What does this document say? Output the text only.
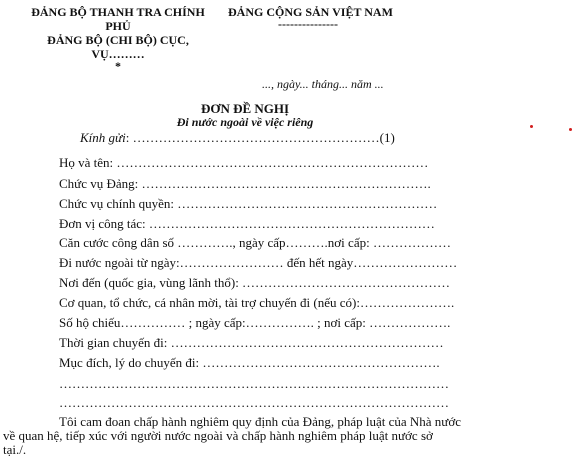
ĐẢNG BỘ THANH TRA CHÍNH
PHỦ
ĐẢNG BỘ (CHI BỘ) CỤC,
VỤ………
*
ĐẢNG CỘNG SẢN VIỆT NAM
---------------
..., ngày... tháng... năm ...
ĐƠN ĐỀ NGHỊ
Đi nước ngoài về việc riêng
Kính gửi: …………………………………………………(1)
Họ và tên: ………………………………………………………………
Chức vụ Đảng: ………………………………………………………….
Chức vụ chính quyền: ……………………………………………………
Đơn vị công tác: …………………………………………………………
Căn cước công dân số …………., ngày cấp……….nơi cấp: ………………
Đi nước ngoài từ ngày:…………………… đến hết ngày……………………
Nơi đến (quốc gia, vùng lãnh thổ): …………………………………………
Cơ quan, tổ chức, cá nhân mời, tài trợ chuyến đi (nếu có):………………….
Số hộ chiếu…………… ; ngày cấp:……………. ; nơi cấp: ……………….
Thời gian chuyến đi: ………………………………………………………
Mục đích, lý do chuyến đi: ……………………………………………….
………………………………………………………………………………
………………………………………………………………………………
Tôi cam đoan chấp hành nghiêm quy định của Đảng, pháp luật của Nhà nước
về quan hệ, tiếp xúc với người nước ngoài và chấp hành nghiêm pháp luật nước sở
tại./.
